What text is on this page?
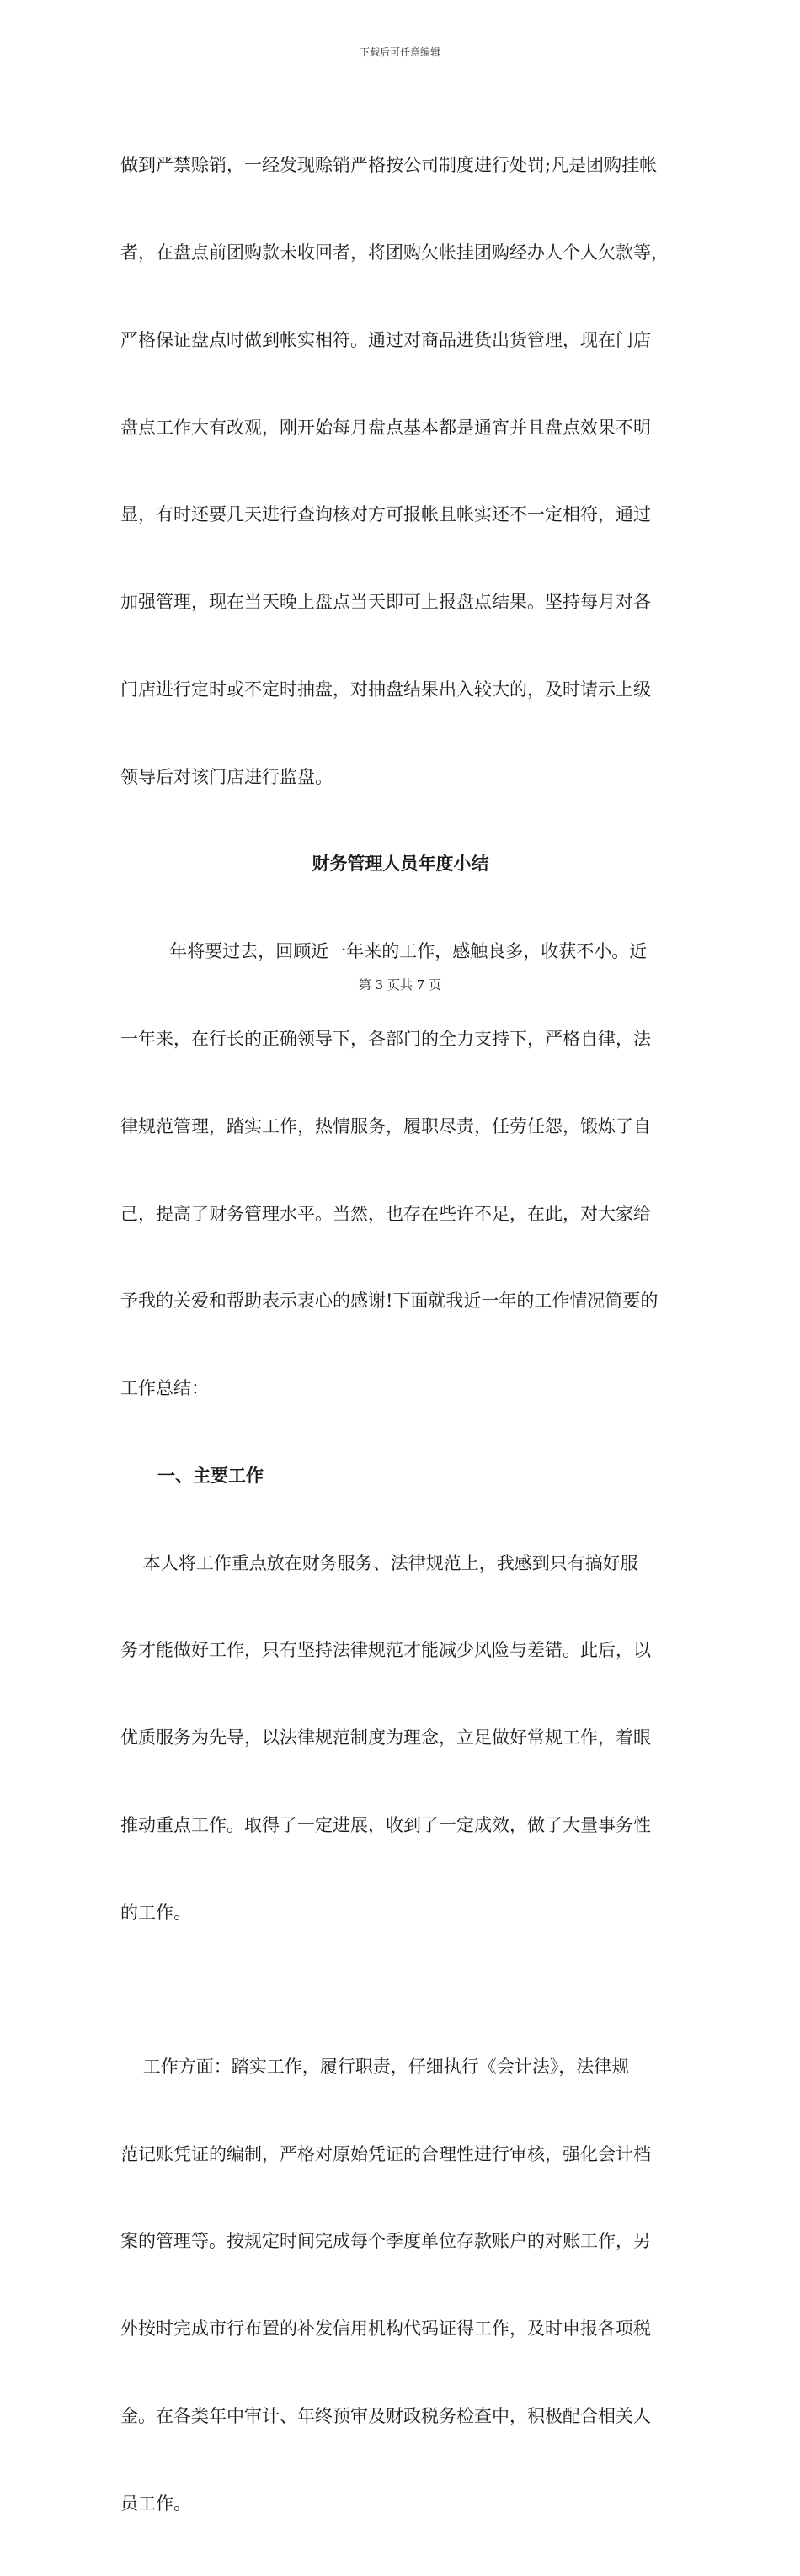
下载后可任意编辑

做到严禁赊销，一经发现赊销严格按公司制度进行处罚;凡是团购挂帐

者，在盘点前团购款未收回者，将团购欠帐挂团购经办人个人欠款等，

严格保证盘点时做到帐实相符。通过对商品进货出货管理，现在门店

盘点工作大有改观，刚开始每月盘点基本都是通宵并且盘点效果不明

显，有时还要几天进行查询核对方可报帐且帐实还不一定相符，通过

加强管理，现在当天晚上盘点当天即可上报盘点结果。坚持每月对各

门店进行定时或不定时抽盘，对抽盘结果出入较大的，及时请示上级

领导后对该门店进行监盘。

财务管理人员年度小结

___年将要过去，回顾近一年来的工作，感触良多，收获不小。近

一年来，在行长的正确领导下，各部门的全力支持下，严格自律，法

律规范管理，踏实工作，热情服务，履职尽责，任劳任怨，锻炼了自

己，提高了财务管理水平。当然，也存在些许不足，在此，对大家给

予我的关爱和帮助表示衷心的感谢!下面就我近一年的工作情况简要的

工作总结：

一、主要工作

本人将工作重点放在财务服务、法律规范上，我感到只有搞好服

务才能做好工作，只有坚持法律规范才能减少风险与差错。此后，以

优质服务为先导，以法律规范制度为理念，立足做好常规工作，着眼

推动重点工作。取得了一定进展，收到了一定成效，做了大量事务性

的工作。

工作方面：踏实工作，履行职责，仔细执行《会计法》，法律规

范记账凭证的编制，严格对原始凭证的合理性进行审核，强化会计档

案的管理等。按规定时间完成每个季度单位存款账户的对账工作，另

外按时完成市行布置的补发信用机构代码证得工作，及时申报各项税

金。在各类年中审计、年终预审及财政税务检查中，积极配合相关人

员工作。

第 3 页共 7 页
